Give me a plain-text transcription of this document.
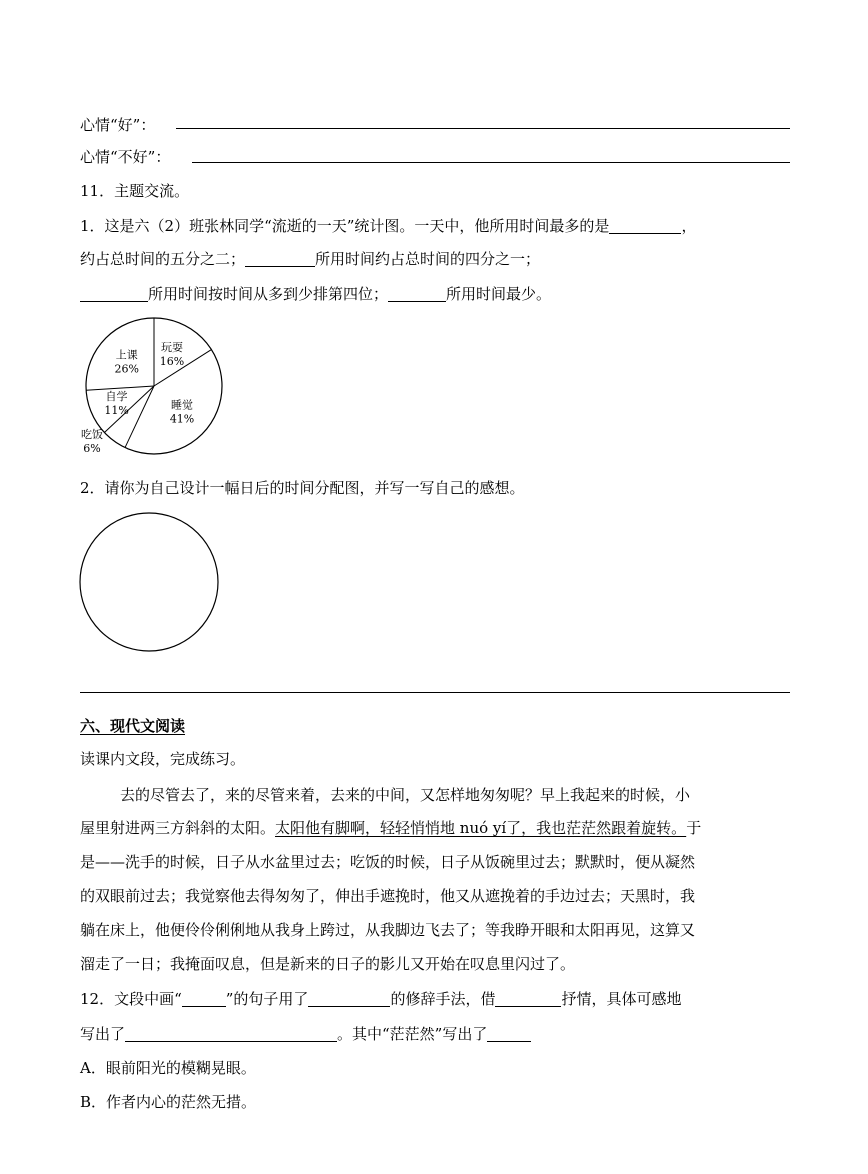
心情“好”：
心情“不好”：
11．主题交流。
1．这是六（2）班张林同学“流逝的一天”统计图。一天中，他所用时间最多的是	，
约占总时间的五分之二；	所用时间约占总时间的四分之一；
所用时间按时间从多到少排第四位；	所用时间最少。
玩耍
16%
睡觉
41%
吃饭
6%
自学
11%
上课
26%
2．请你为自己设计一幅日后的时间分配图，并写一写自己的感想。
六、现代文阅读
读课内文段，完成练习。
去的尽管去了，来的尽管来着，去来的中间，又怎样地匆匆呢？早上我起来的时候，小
屋里射进两三方斜斜的太阳。太阳他有脚啊，轻轻悄悄地 nuó yí了，我也茫茫然跟着旋转。于
是——洗手的时候，日子从水盆里过去；吃饭的时候，日子从饭碗里过去；默默时，便从凝然
的双眼前过去；我觉察他去得匆匆了，伸出手遮挽时，他又从遮挽着的手边过去；天黑时，我
躺在床上，他便伶伶俐俐地从我身上跨过，从我脚边飞去了；等我睁开眼和太阳再见，这算又
溜走了一日；我掩面叹息，但是新来的日子的影儿又开始在叹息里闪过了。
12．文段中画“	”的句子用了	的修辞手法，借	抒情，具体可感地
写出了	。其中“茫茫然”写出了
A．眼前阳光的模糊晃眼。
B．作者内心的茫然无措。
